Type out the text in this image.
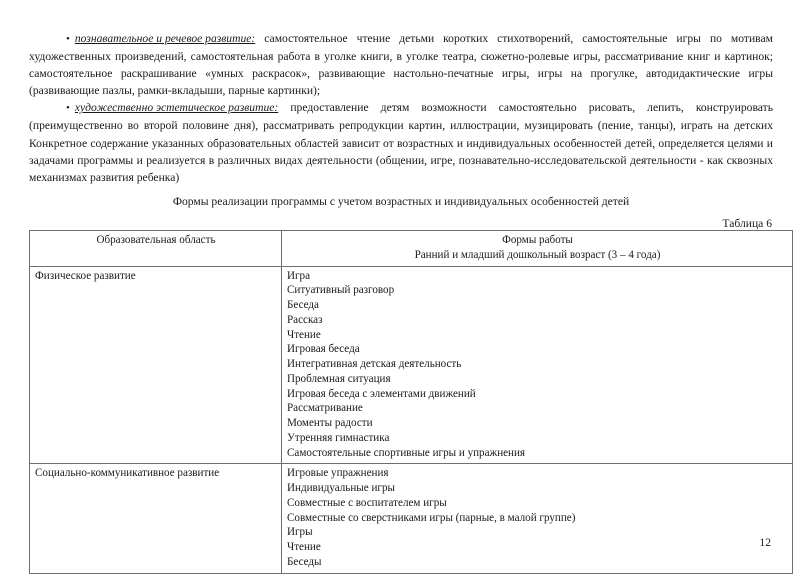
• познавательное и речевое развитие: самостоятельное чтение детьми коротких стихотворений, самостоятельные игры по мотивам художественных произведений, самостоятельная работа в уголке книги, в уголке театра, сюжетно-ролевые игры, рассматривание книг и картинок; самостоятельное раскрашивание «умных раскрасок», развивающие настольно-печатные игры, игры на прогулке, автодидактические игры (развивающие пазлы, рамки-вкладыши, парные картинки);

• художественно эстетическое развитие: предоставление детям возможности самостоятельно рисовать, лепить, конструировать (преимущественно во второй половине дня), рассматривать репродукции картин, иллюстрации, музицировать (пение, танцы), играть на детских Конкретное содержание указанных образовательных областей зависит от возрастных и индивидуальных особенностей детей, определяется целями и задачами программы и реализуется в различных видах деятельности (общении, игре, познавательно-исследовательской деятельности - как сквозных механизмах развития ребенка)

Формы реализации программы с учетом возрастных и индивидуальных особенностей детей
Таблица 6
Образовательная область	Формы работы
Ранний и младший дошкольный возраст (3 – 4 года)

Физическое развитие	Игра
Ситуативный разговор
Беседа
Рассказ
Чтение
Игровая беседа
Интегративная детская деятельность
Проблемная ситуация
Игровая беседа с элементами движений
Рассматривание
Моменты радости
Утренняя гимнастика
Самостоятельные спортивные игры и упражнения

Социально-коммуникативное развитие	Игровые упражнения
Индивидуальные игры
Совместные с воспитателем игры
Совместные со сверстниками игры (парные, в малой группе)
Игры
Чтение
Беседы
12
